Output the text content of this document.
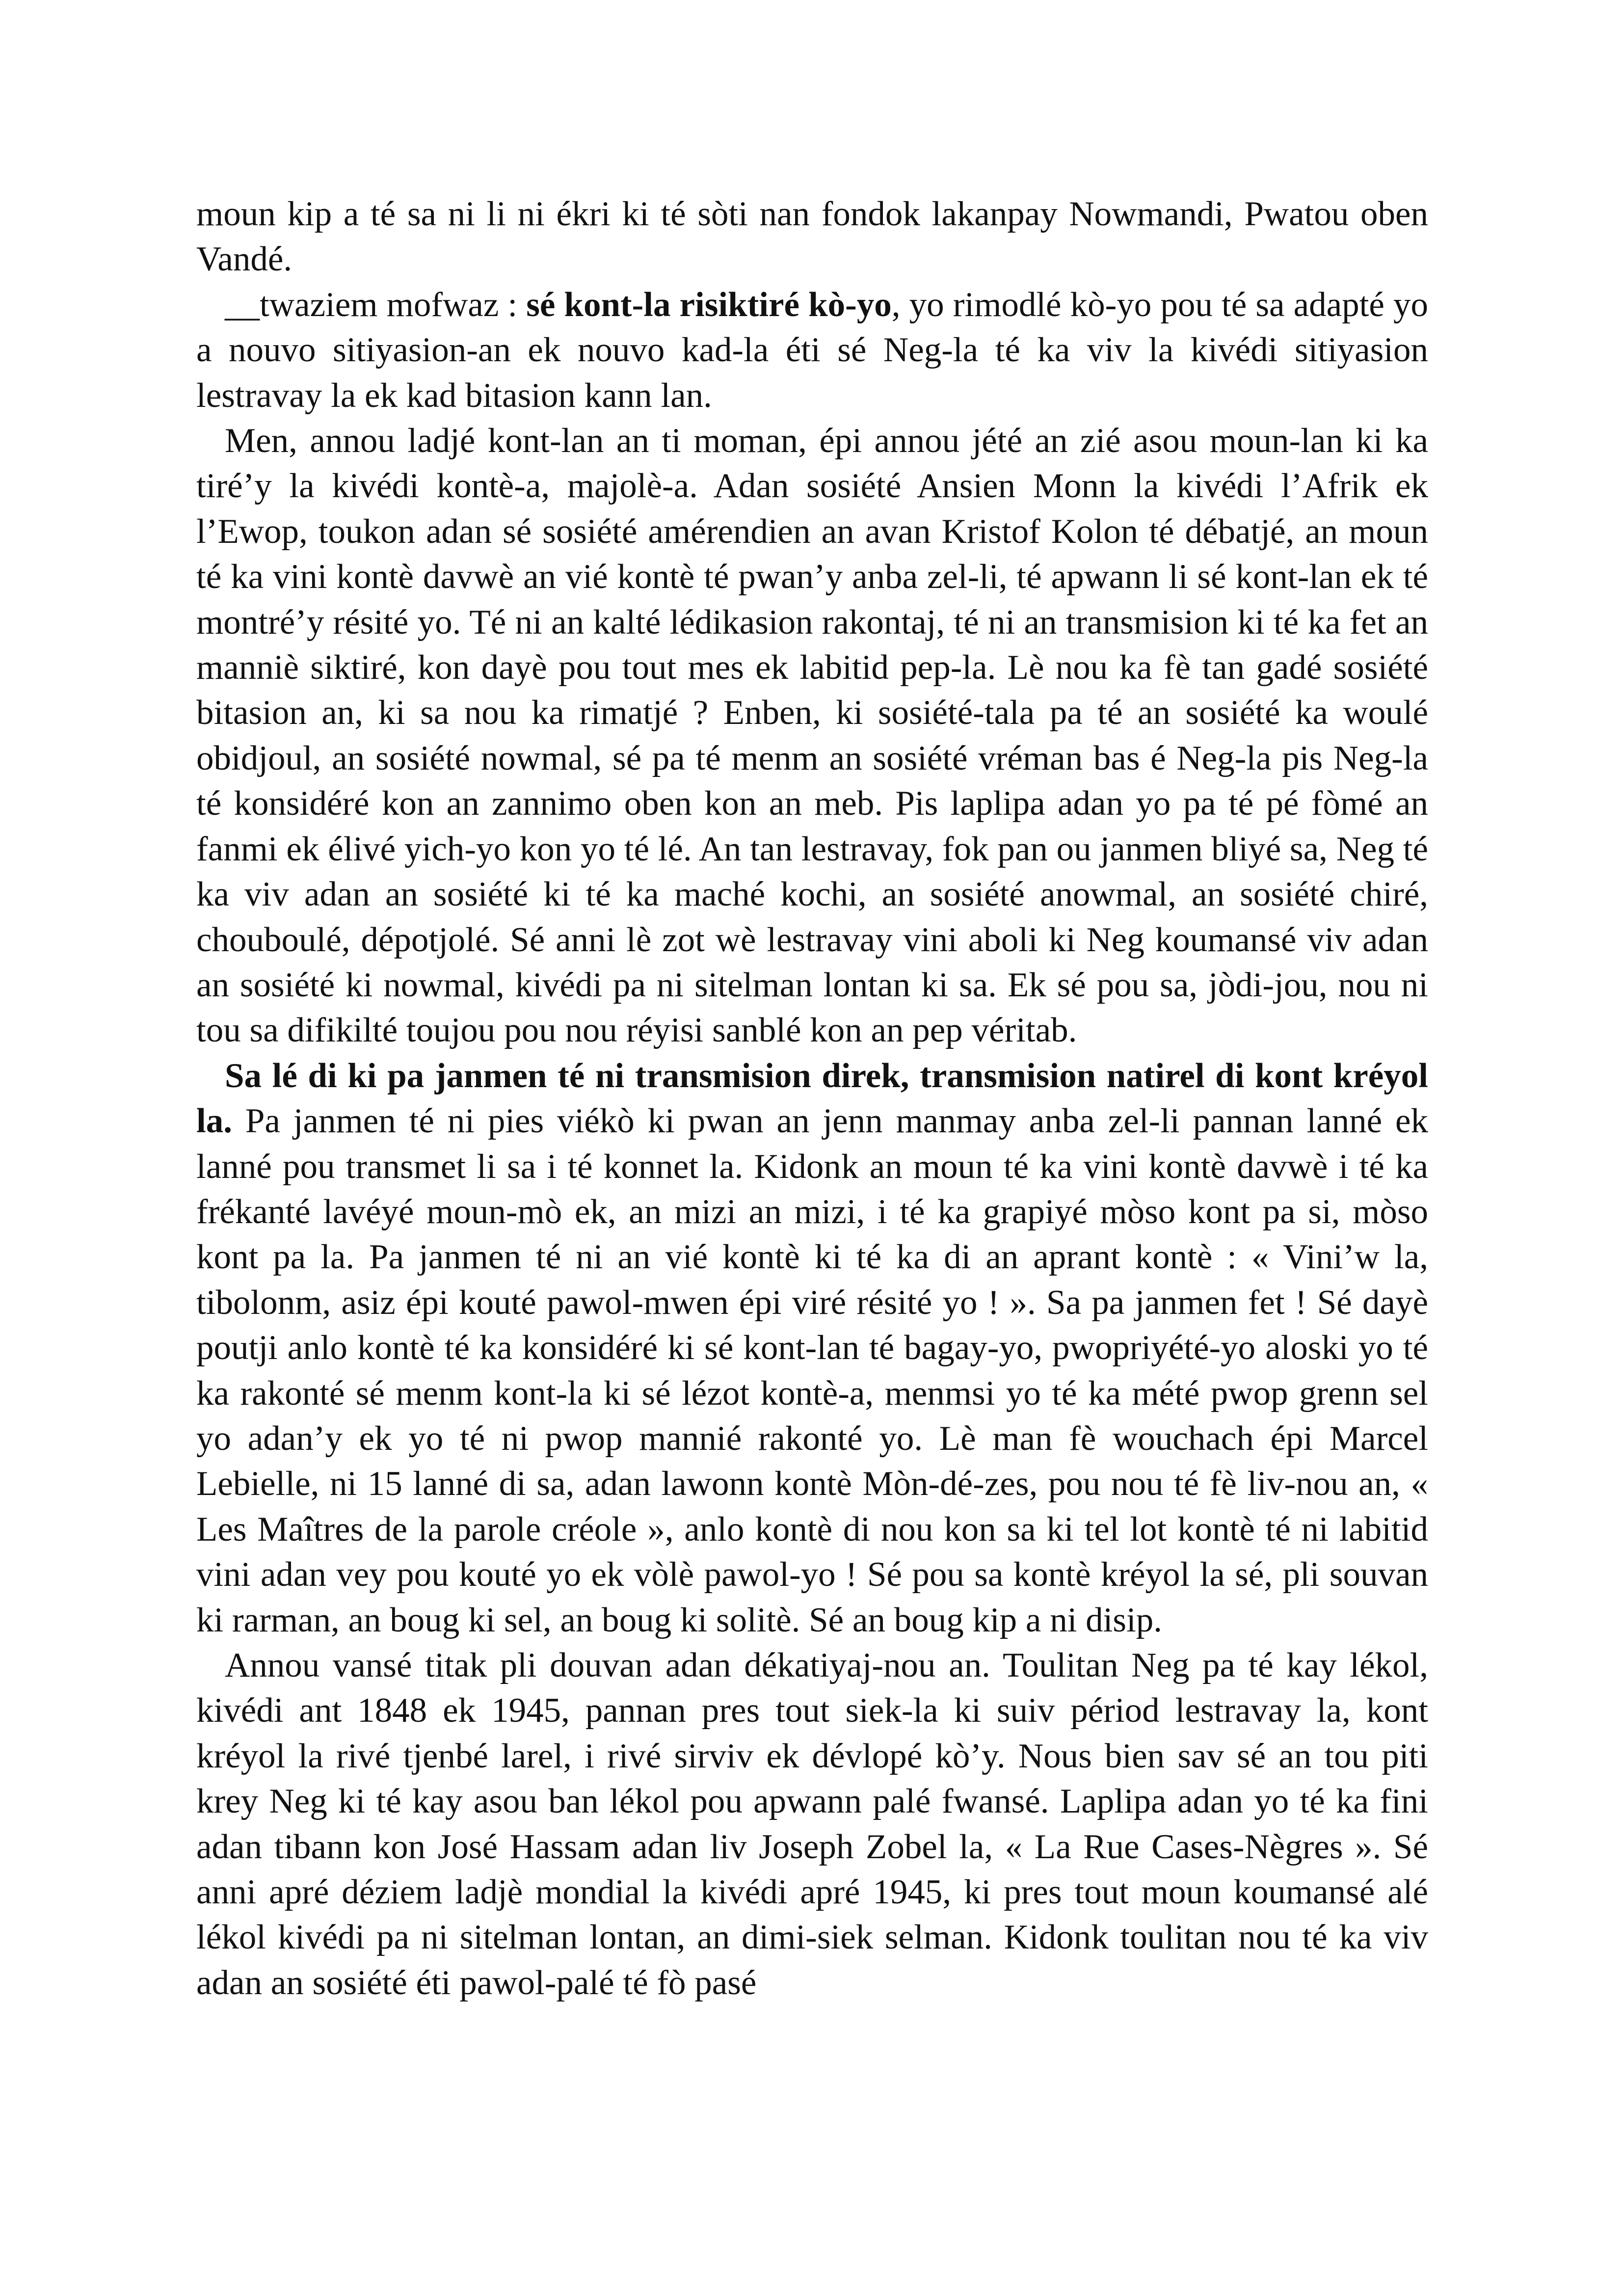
moun kip a té sa ni li ni ékri ki té sòti nan fondok lakanpay Nowmandi, Pwatou oben Vandé.

__twaziem mofwaz : sé kont-la risiktiré kò-yo, yo rimodlé kò-yo pou té sa adapté yo a nouvo sitiyasion-an ek nouvo kad-la éti sé Neg-la té ka viv la kivédi sitiyasion lestravay la ek kad bitasion kann lan.

Men, annou ladjé kont-lan an ti moman, épi annou jété an zié asou moun-lan ki ka tiré’y la kivédi kontè-a, majolè-a. Adan sosiété Ansien Monn la kivédi l’Afrik ek l’Ewop, toukon adan sé sosiété amérendien an avan Kristof Kolon té débatjé, an moun té ka vini kontè davwè an vié kontè té pwan’y anba zel-li, té apwann li sé kont-lan ek té montré’y résité yo. Té ni an kalté lédikasion rakontaj, té ni an transmision ki té ka fet an manniè siktiré, kon dayè pou tout mes ek labitid pep-la. Lè nou ka fè tan gadé sosiété bitasion an, ki sa nou ka rimatjé ? Enben, ki sosiété-tala pa té an sosiété ka woulé obidjoul, an sosiété nowmal, sé pa té menm an sosiété vréman bas é Neg-la pis Neg-la té konsidéré kon an zannimo oben kon an meb. Pis laplipa adan yo pa té pé fòmé an fanmi ek élivé yich-yo kon yo té lé. An tan lestravay, fok pan ou janmen bliyé sa, Neg té ka viv adan an sosiété ki té ka maché kochi, an sosiété anowmal, an sosiété chiré, chouboulé, dépotjolé. Sé anni lè zot wè lestravay vini aboli ki Neg koumansé viv adan an sosiété ki nowmal, kivédi pa ni sitelman lontan ki sa. Ek sé pou sa, jòdi-jou, nou ni tou sa difikilté toujou pou nou réyisi sanblé kon an pep véritab.

Sa lé di ki pa janmen té ni transmision direk, transmision natirel di kont kréyol la. Pa janmen té ni pies viékò ki pwan an jenn manmay anba zel-li pannan lanné ek lanné pou transmet li sa i té konnet la. Kidonk an moun té ka vini kontè davwè i té ka frékanté lavéyé moun-mò ek, an mizi an mizi, i té ka grapiyé mòso kont pa si, mòso kont pa la. Pa janmen té ni an vié kontè ki té ka di an aprant kontè : « Vini’w la, tibolonm, asiz épi kouté pawol-mwen épi viré résité yo ! ». Sa pa janmen fet ! Sé dayè poutji anlo kontè té ka konsidéré ki sé kont-lan té bagay-yo, pwopriyété-yo aloski yo té ka rakonté sé menm kont-la ki sé lézot kontè-a, menmsi yo té ka mété pwop grenn sel yo adan’y ek yo té ni pwop mannié rakonté yo. Lè man fè wouchach épi Marcel Lebielle, ni 15 lanné di sa, adan lawonn kontè Mòn-dé-zes, pou nou té fè liv-nou an, « Les Maîtres de la parole créole », anlo kontè di nou kon sa ki tel lot kontè té ni labitid vini adan vey pou kouté yo ek vòlè pawol-yo ! Sé pou sa kontè kréyol la sé, pli souvan ki rarman, an boug ki sel, an boug ki solitè. Sé an boug kip a ni disip.

Annou vansé titak pli douvan adan dékatiyaj-nou an. Toulitan Neg pa té kay lékol, kivédi ant 1848 ek 1945, pannan pres tout siek-la ki suiv périod lestravay la, kont kréyol la rivé tjenbé larel, i rivé sirviv ek dévlopé kò’y. Nous bien sav sé an tou piti krey Neg ki té kay asou ban lékol pou apwann palé fwansé. Laplipa adan yo té ka fini adan tibann kon José Hassam adan liv Joseph Zobel la, « La Rue Cases-Nègres ». Sé anni apré déziem ladjè mondial la kivédi apré 1945, ki pres tout moun koumansé alé lékol kivédi pa ni sitelman lontan, an dimi-siek selman. Kidonk toulitan nou té ka viv adan an sosiété éti pawol-palé té fò pasé
